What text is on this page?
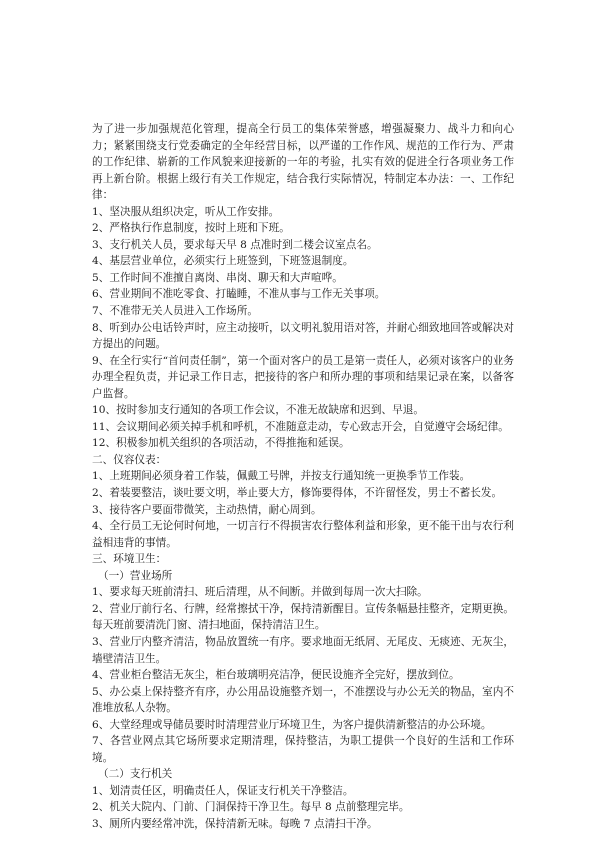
为了进一步加强规范化管理，提高全行员工的集体荣誉感，增强凝聚力、战斗力和向心力；紧紧围绕支行党委确定的全年经营目标，以严谨的工作作风、规范的工作行为、严肃的工作纪律、崭新的工作风貌来迎接新的一年的考验，扎实有效的促进全行各项业务工作再上新台阶。根据上级行有关工作规定，结合我行实际情况，特制定本办法：一、工作纪律：

1、坚决服从组织决定，听从工作安排。

2、严格执行作息制度，按时上班和下班。

3、支行机关人员，要求每天早 8 点准时到二楼会议室点名。

4、基层营业单位，必须实行上班签到，下班签退制度。

5、工作时间不准擅自离岗、串岗、聊天和大声喧哗。

6、营业期间不准吃零食、打瞌睡，不准从事与工作无关事项。

7、不准带无关人员进入工作场所。

8、听到办公电话铃声时，应主动接听，以文明礼貌用语对答，并耐心细致地回答或解决对方提出的问题。

9、在全行实行“首问责任制”，第一个面对客户的员工是第一责任人，必须对该客户的业务办理全程负责，并记录工作日志，把接待的客户和所办理的事项和结果记录在案，以备客户监督。

10、按时参加支行通知的各项工作会议，不准无故缺席和迟到、早退。

11、会议期间必须关掉手机和呼机，不准随意走动，专心致志开会，自觉遵守会场纪律。

12、积极参加机关组织的各项活动，不得推拖和延误。

二、仪容仪表：

1、上班期间必须身着工作装，佩戴工号牌，并按支行通知统一更换季节工作装。

2、着装要整洁，谈吐要文明，举止要大方，修饰要得体，不许留怪发，男士不蓄长发。

3、接待客户要面带微笑，主动热情，耐心周到。

4、全行员工无论何时何地，一切言行不得损害农行整体利益和形象，更不能干出与农行利益相违背的事情。

三、环境卫生：

（一）营业场所

1、要求每天班前清扫、班后清理，从不间断。并做到每周一次大扫除。

2、营业厅前行名、行牌，经常擦拭干净，保持清新醒目。宣传条幅悬挂整齐，定期更换。每天班前要清洗门窗、清扫地面，保持清洁卫生。

3、营业厅内整齐清洁，物品放置统一有序。要求地面无纸屑、无尾皮、无痰迹、无灰尘，墙壁清洁卫生。

4、营业柜台整洁无灰尘，柜台玻璃明亮洁净，便民设施齐全完好，摆放到位。

5、办公桌上保持整齐有序，办公用品设施整齐划一，不准摆设与办公无关的物品，室内不准堆放私人杂物。

6、大堂经理或导储员要时时清理营业厅环境卫生，为客户提供清新整洁的办公环境。

7、各营业网点其它场所要求定期清理，保持整洁，为职工提供一个良好的生活和工作环境。

（二）支行机关

1、划清责任区，明确责任人，保证支行机关干净整洁。

2、机关大院内、门前、门洞保持干净卫生。每早 8 点前整理完毕。

3、厕所内要经常冲洗，保持清新无味。每晚 7 点清扫干净。
